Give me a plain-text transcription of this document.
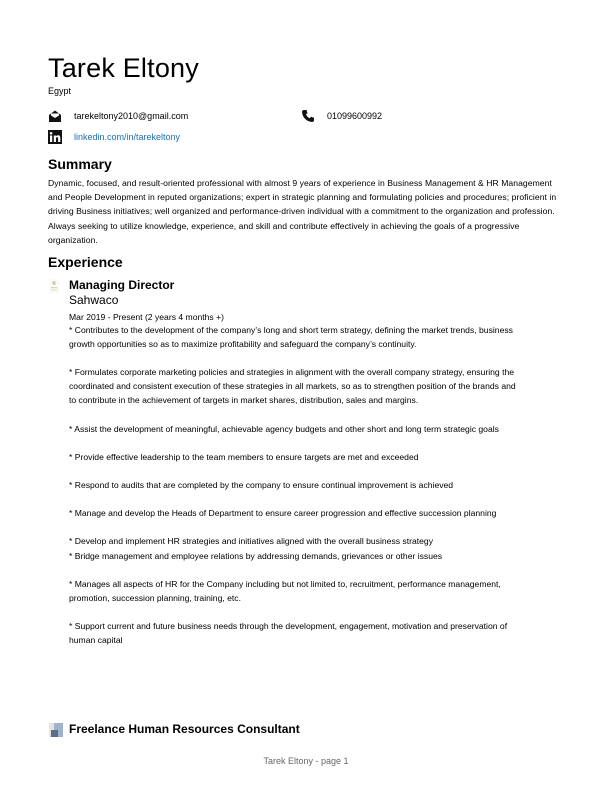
Tarek Eltony
Egypt
tarekeltony2010@gmail.com	01099600992
linkedin.com/in/tarekeltony
Summary
Dynamic, focused, and result-oriented professional with almost 9 years of experience in Business Management & HR Management and People Development in reputed organizations; expert in strategic planning and formulating policies and procedures; proficient in driving Business initiatives; well organized and performance-driven individual with a commitment to the organization and profession. Always seeking to utilize knowledge, experience, and skill and contribute effectively in achieving the goals of a progressive organization.
Experience
Managing Director
Sahwaco
Mar 2019 - Present (2 years 4 months +)

* Contributes to the development of the company’s long and short term strategy, defining the market trends, business growth opportunities so as to maximize profitability and safeguard the company’s continuity.

* Formulates corporate marketing policies and strategies in alignment with the overall company strategy, ensuring the coordinated and consistent execution of these strategies in all markets, so as to strengthen position of the brands and to contribute in the achievement of targets in market shares, distribution, sales and margins.

* Assist the development of meaningful, achievable agency budgets and other short and long term strategic goals

* Provide effective leadership to the team members to ensure targets are met and exceeded

* Respond to audits that are completed by the company to ensure continual improvement is achieved

* Manage and develop the Heads of Department to ensure career progression and effective succession planning

* Develop and implement HR strategies and initiatives aligned with the overall business strategy

* Bridge management and employee relations by addressing demands, grievances or other issues

* Manages all aspects of HR for the Company including but not limited to, recruitment, performance management, promotion, succession planning, training, etc.

* Support current and future business needs through the development, engagement, motivation and preservation of human capital

Freelance Human Resources Consultant
Tarek Eltony - page 1
